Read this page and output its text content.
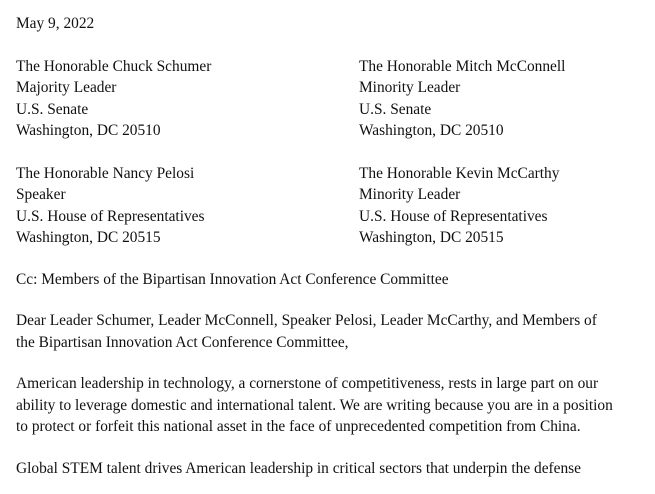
May 9, 2022

The Honorable Chuck Schumer

Majority Leader

U.S. Senate

Washington, DC 20510

The Honorable Mitch McConnell

Minority Leader

U.S. Senate

Washington, DC 20510

The Honorable Nancy Pelosi

Speaker

U.S. House of Representatives

Washington, DC 20515

The Honorable Kevin McCarthy

Minority Leader

U.S. House of Representatives

Washington, DC 20515

Cc: Members of the Bipartisan Innovation Act Conference Committee

Dear Leader Schumer, Leader McConnell, Speaker Pelosi, Leader McCarthy, and Members of
the Bipartisan Innovation Act Conference Committee,
American leadership in technology, a cornerstone of competitiveness, rests in large part on our
ability to leverage domestic and international talent. We are writing because you are in a position
to protect or forfeit this national asset in the face of unprecedented competition from China.
Global STEM talent drives American leadership in critical sectors that underpin the defense
